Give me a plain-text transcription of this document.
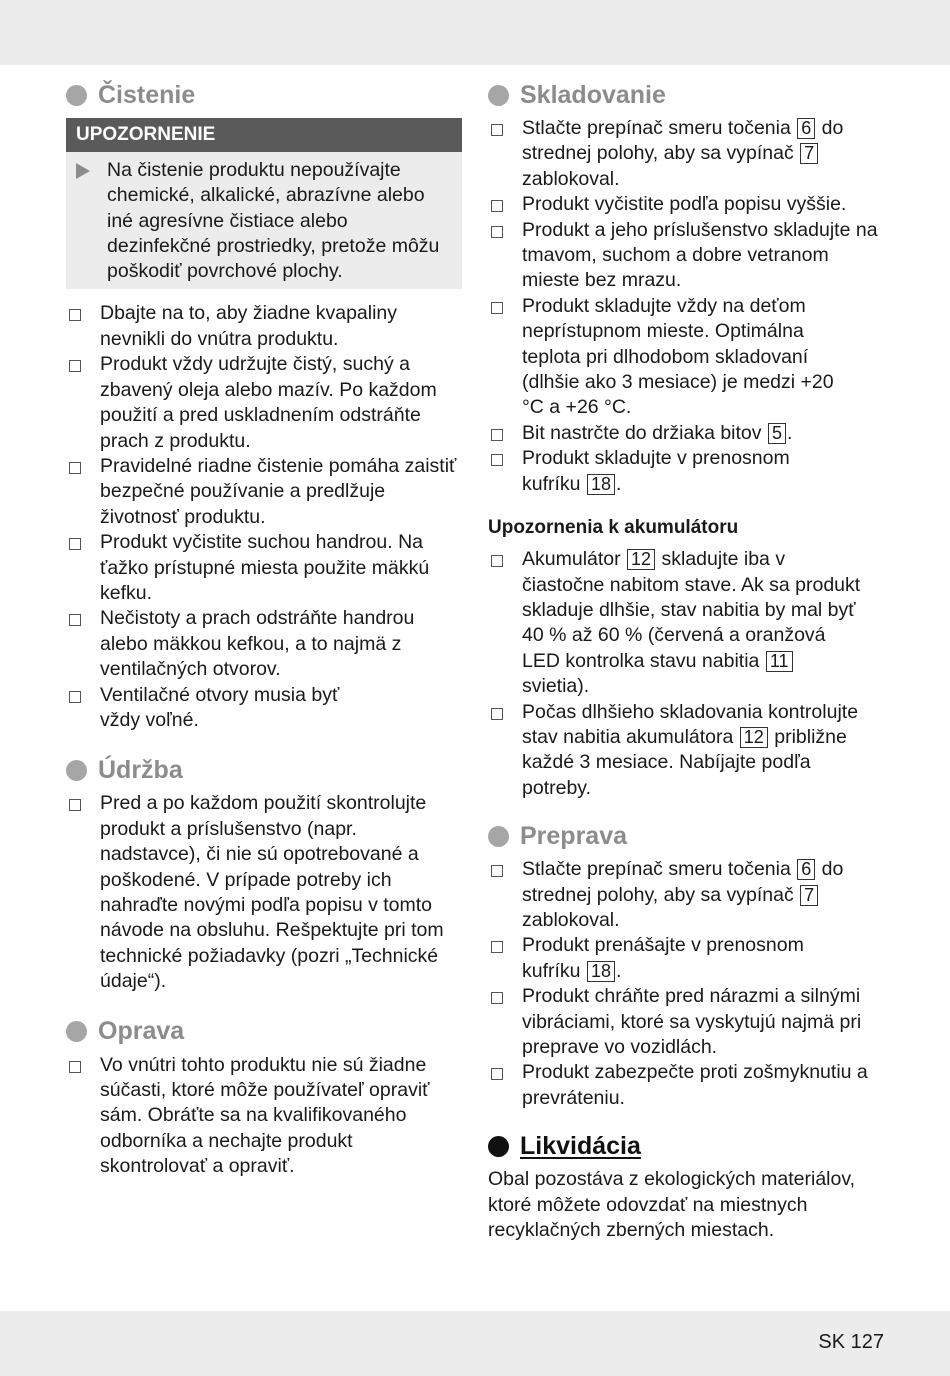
Čistenie
UPOZORNENIE
Na čistenie produktu nepoužívajte chemické, alkalické, abrazívne alebo iné agresívne čistiace alebo dezinfekčné prostriedky, pretože môžu poškodiť povrchové plochy.
Dbajte na to, aby žiadne kvapaliny nevnikli do vnútra produktu.
Produkt vždy udržujte čistý, suchý a zbavený oleja alebo mazív. Po každom použití a pred uskladnením odstráňte prach z produktu.
Pravidelné riadne čistenie pomáha zaistiť bezpečné používanie a predlžuje životnosť produktu.
Produkt vyčistite suchou handrou. Na ťažko prístupné miesta použite mäkkú kefku.
Nečistoty a prach odstráňte handrou alebo mäkkou kefkou, a to najmä z ventilačných otvorov.
Ventilačné otvory musia byť vždy voľné.
Údržba
Pred a po každom použití skontrolujte produkt a príslušenstvo (napr. nadstavce), či nie sú opotrebované a poškodené. V prípade potreby ich nahraďte novými podľa popisu v tomto návode na obsluhu. Rešpektujte pri tom technické požiadavky (pozri „Technické údaje“).
Oprava
Vo vnútri tohto produktu nie sú žiadne súčasti, ktoré môže používateľ opraviť sám. Obráťte sa na kvalifikovaného odborníka a nechajte produkt skontrolovať a opraviť.
Skladovanie
Stlačte prepínač smeru točenia 6 do strednej polohy, aby sa vypínač 7 zablokoval.
Produkt vyčistite podľa popisu vyššie.
Produkt a jeho príslušenstvo skladujte na tmavom, suchom a dobre vetranom mieste bez mrazu.
Produkt skladujte vždy na deťom neprístupnom mieste. Optimálna teplota pri dlhodobom skladovaní (dlhšie ako 3 mesiace) je medzi +20 °C a +26 °C.
Bit nastrčte do držiaka bitov 5 .
Produkt skladujte v prenosnom kufríku 18 .
Upozornenia k akumulátoru
Akumulátor 12 skladujte iba v čiastočne nabitom stave. Ak sa produkt skladuje dlhšie, stav nabitia by mal byť 40 % až 60 % (červená a oranžová LED kontrolka stavu nabitia 11 svietia).
Počas dlhšieho skladovania kontrolujte stav nabitia akumulátora 12 približne každé 3 mesiace. Nabíjajte podľa potreby.
Preprava
Stlačte prepínač smeru točenia 6 do strednej polohy, aby sa vypínač 7 zablokoval.
Produkt prenášajte v prenosnom kufríku 18 .
Produkt chráňte pred nárazmi a silnými vibráciami, ktoré sa vyskytujú najmä pri preprave vo vozidlách.
Produkt zabezpečte proti zošmyknutiu a prevráteniu.
Likvidácia

Obal pozostáva z ekologických materiálov, ktoré môžete odovzdať na miestnych recyklačných zberných miestach.

SK 127
